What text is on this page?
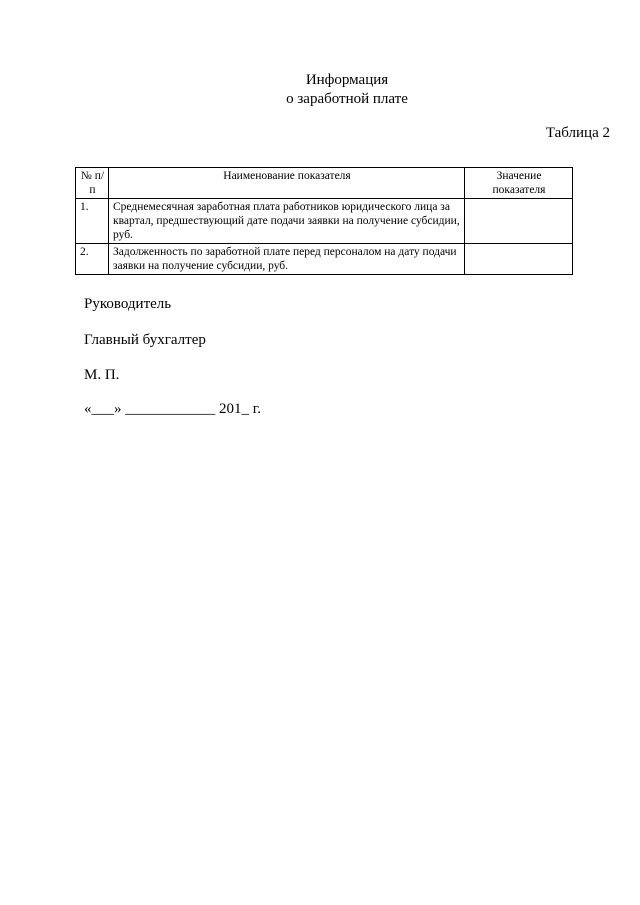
Информация
о заработной плате
Таблица 2
№ п/п	Наименование показателя	Значение показателя
1.	Среднемесячная заработная плата работников юридического лица за квартал, предшествующий дате подачи заявки на получение субсидии, руб.	
2.	Задолженность по заработной плате перед персоналом на дату подачи заявки на получение субсидии, руб.	
Руководитель
Главный бухгалтер
М. П.
«___» ____________ 201_ г.
